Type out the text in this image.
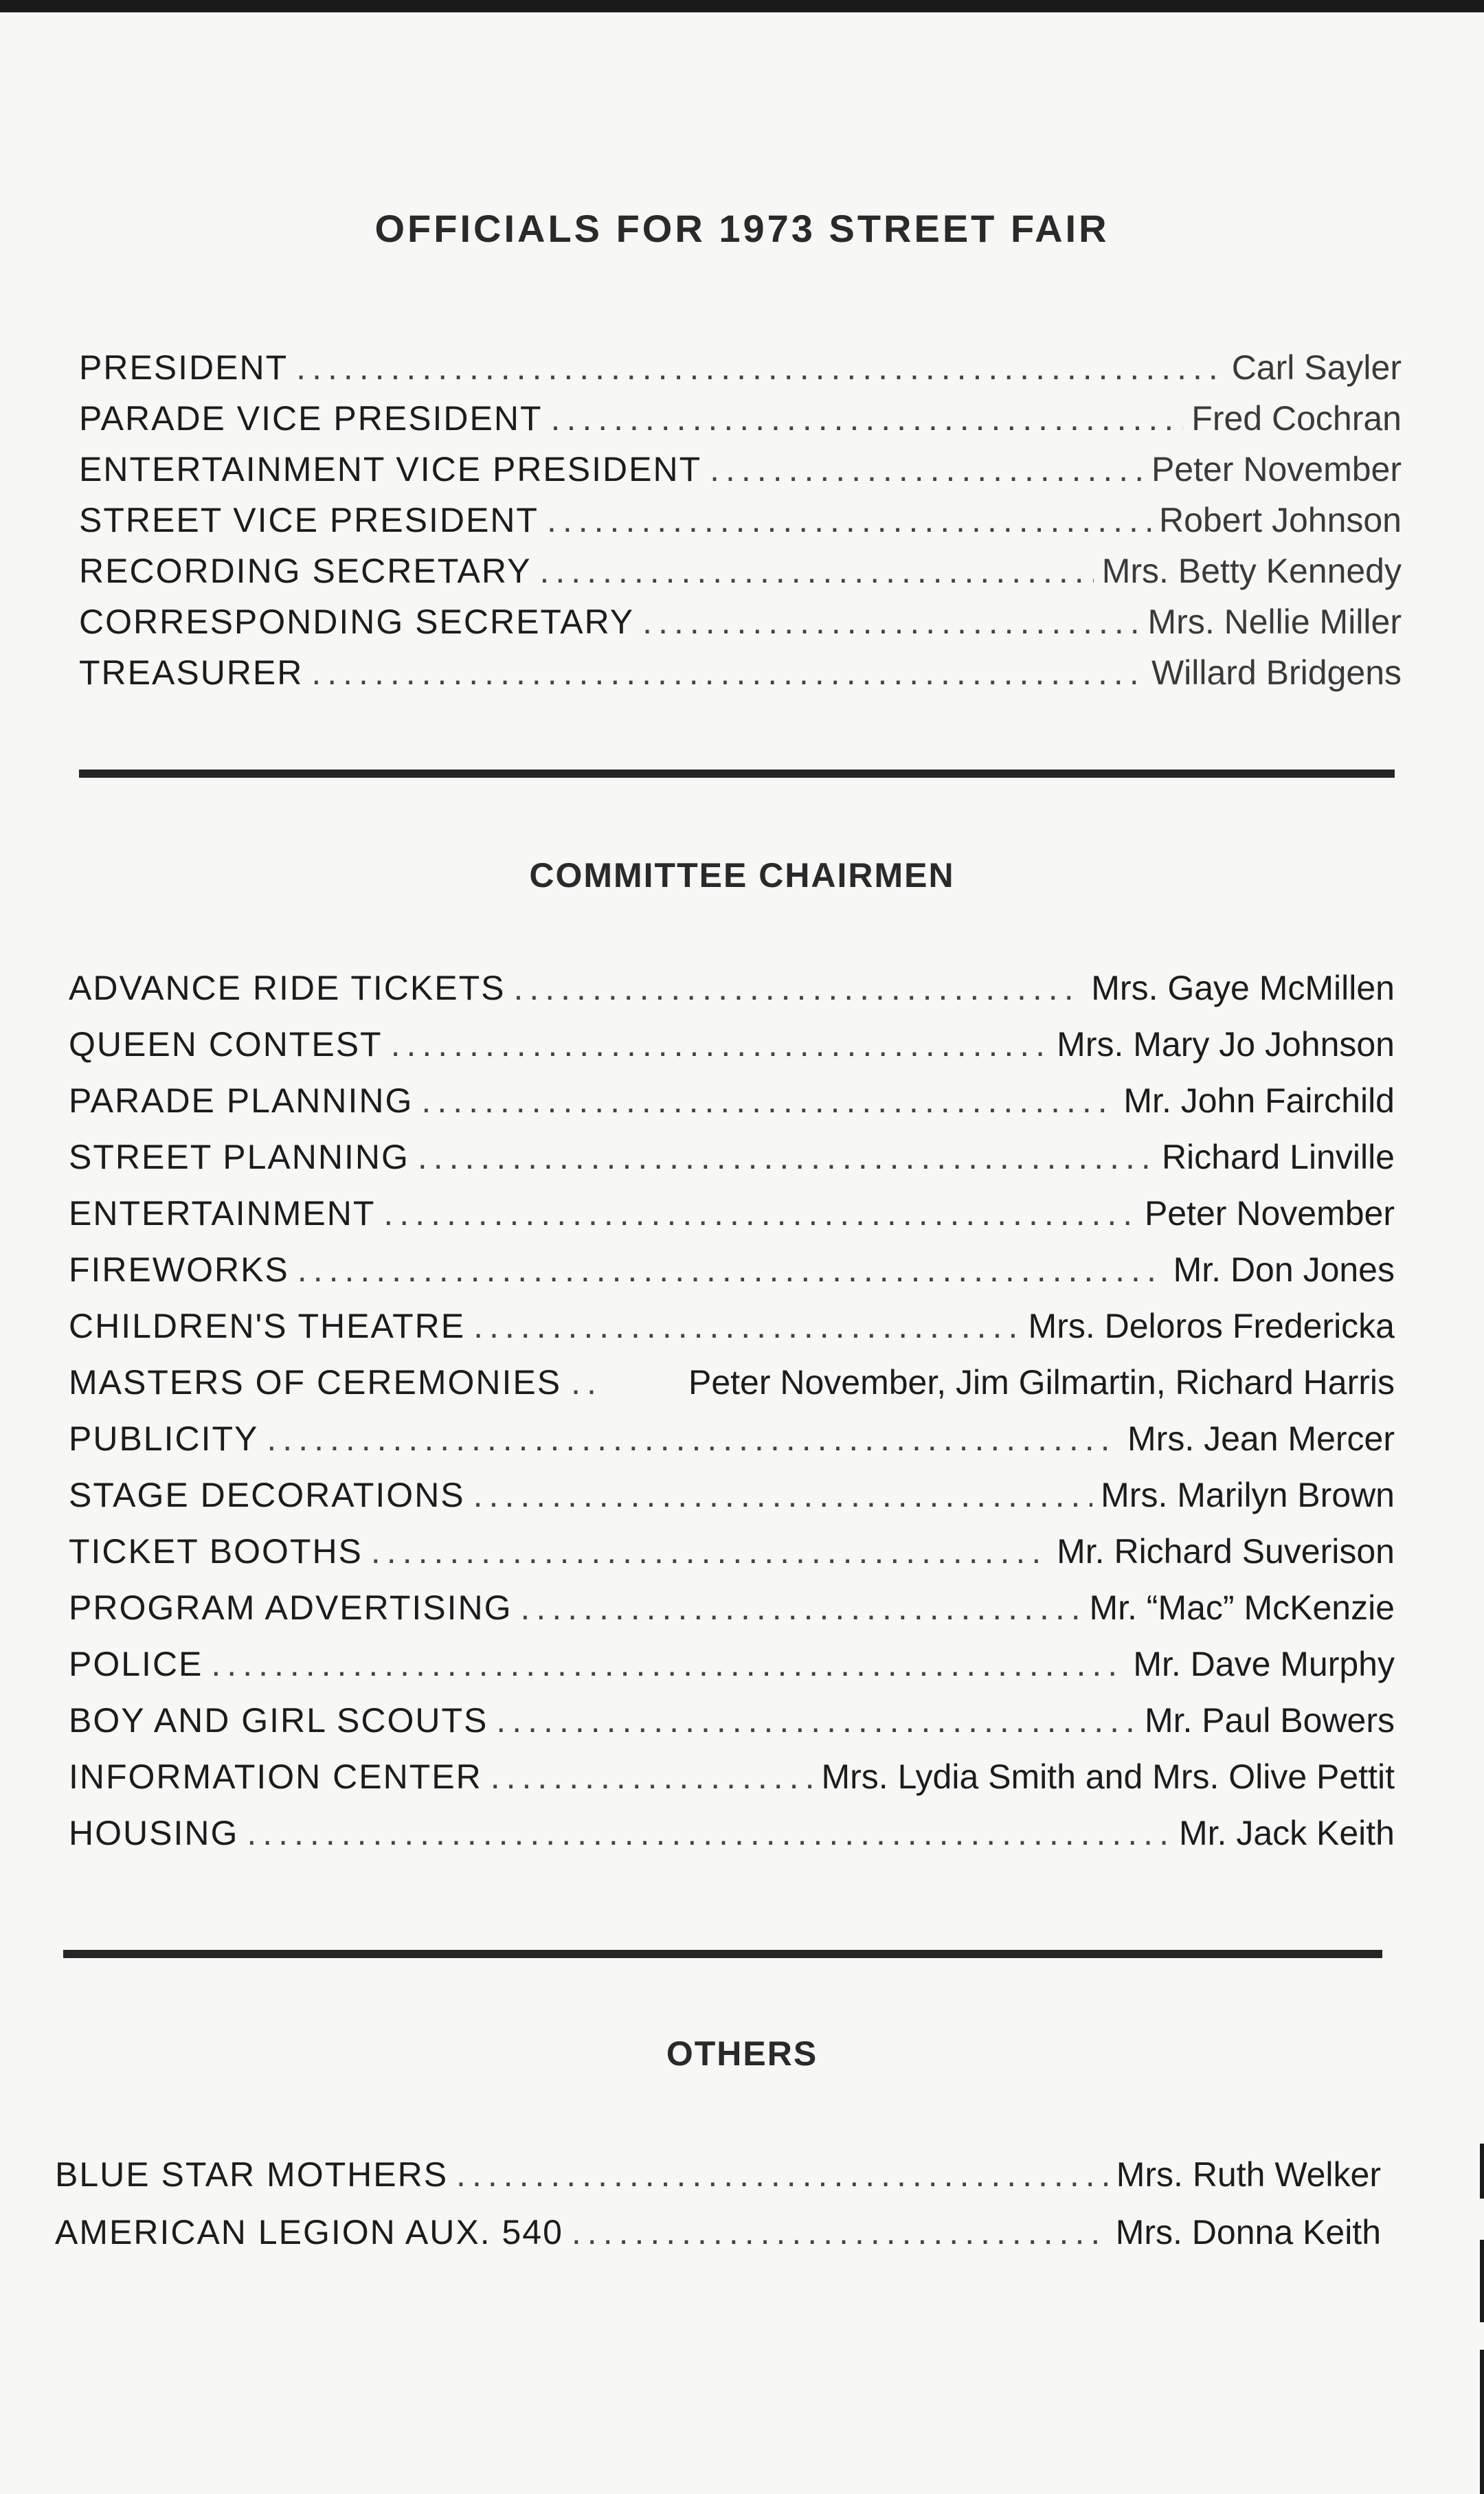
OFFICIALS FOR 1973 STREET FAIR
PRESIDENT .....	Carl Sayler
PARADE VICE PRESIDENT .....	Fred Cochran
ENTERTAINMENT VICE PRESIDENT .....	Peter November
STREET VICE PRESIDENT .....	Robert Johnson
RECORDING SECRETARY .....	Mrs. Betty Kennedy
CORRESPONDING SECRETARY .....	Mrs. Nellie Miller
TREASURER .....	Willard Bridgens
COMMITTEE CHAIRMEN
ADVANCE RIDE TICKETS .....	Mrs. Gaye McMillen
QUEEN CONTEST .....	Mrs. Mary Jo Johnson
PARADE PLANNING .....	Mr. John Fairchild
STREET PLANNING .....	Richard Linville
ENTERTAINMENT .....	Peter November
FIREWORKS .....	Mr. Don Jones
CHILDREN'S THEATRE .....	Mrs. Deloros Fredericka
MASTERS OF CEREMONIES .....	Peter November, Jim Gilmartin, Richard Harris
PUBLICITY .....	Mrs. Jean Mercer
STAGE DECORATIONS .....	Mrs. Marilyn Brown
TICKET BOOTHS .....	Mr. Richard Suverison
PROGRAM ADVERTISING .....	Mr. “Mac” McKenzie
POLICE .....	Mr. Dave Murphy
BOY AND GIRL SCOUTS .....	Mr. Paul Bowers
INFORMATION CENTER .....	Mrs. Lydia Smith and Mrs. Olive Pettit
HOUSING .....	Mr. Jack Keith
OTHERS
BLUE STAR MOTHERS .....	Mrs. Ruth Welker
AMERICAN LEGION AUX. 540 .....	Mrs. Donna Keith
